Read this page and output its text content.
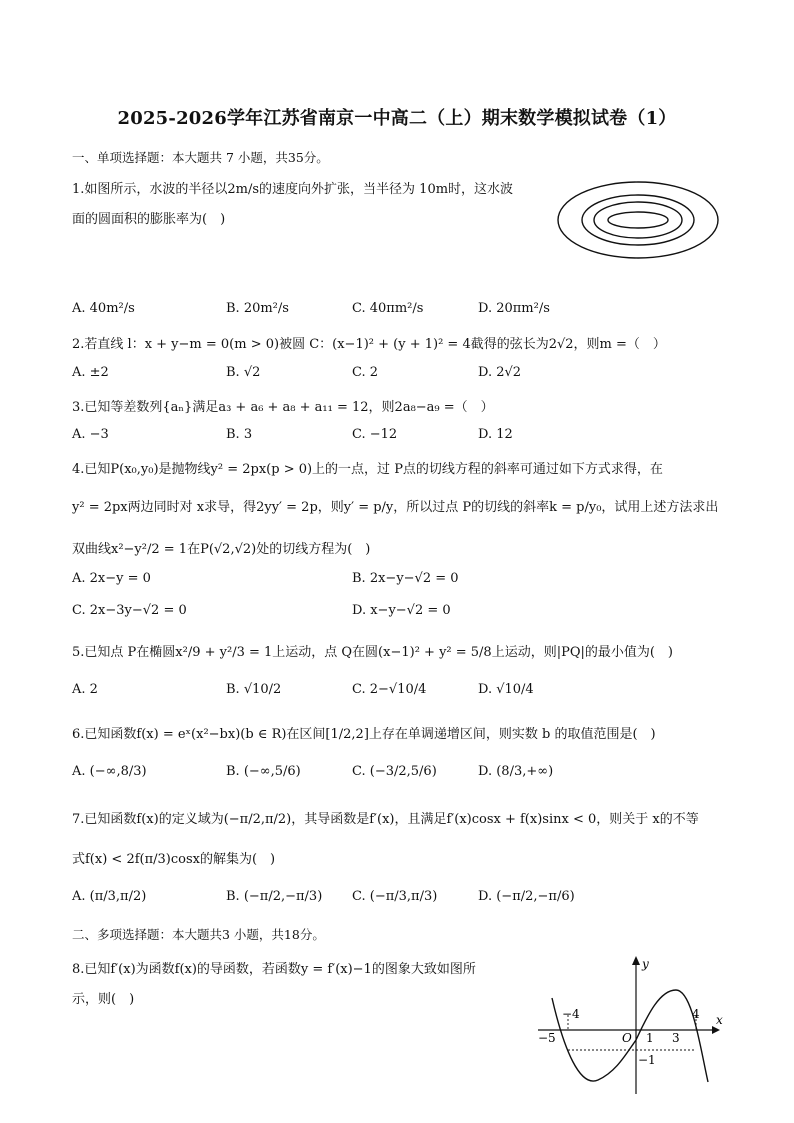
2025-2026学年江苏省南京一中高二（上）期末数学模拟试卷（1）
一、单项选择题：本大题共 7 小题，共35分。
1.如图所示，水波的半径以2m/s的速度向外扩张，当半径为 10m时，这水波
面的圆面积的膨胀率为(　)
A. 40m²/s	B. 20m²/s	C. 40πm²/s	D. 20πm²/s
2.若直线 l：x + y−m = 0(m > 0)被圆 C：(x−1)² + (y + 1)² = 4截得的弦长为2√2，则m =（　）
A. ±2	B. √2	C. 2	D. 2√2
3.已知等差数列{aₙ}满足a₃ + a₆ + a₈ + a₁₁ = 12，则2a₈−a₉ =（　）
A. −3	B. 3	C. −12	D. 12
4.已知P(x₀,y₀)是抛物线y² = 2px(p > 0)上的一点，过 P点的切线方程的斜率可通过如下方式求得，在
y² = 2px两边同时对 x求导，得2yy′ = 2p，则y′ = p/y，所以过点 P的切线的斜率k = p/y₀，试用上述方法求出
双曲线x²−y²/2 = 1在P(√2,√2)处的切线方程为(　)
A. 2x−y = 0	B. 2x−y−√2 = 0
C. 2x−3y−√2 = 0	D. x−y−√2 = 0
5.已知点 P在椭圆x²/9 + y²/3 = 1上运动，点 Q在圆(x−1)² + y² = 5/8上运动，则|PQ|的最小值为(　)
A. 2	B. √10/2	C. 2−√10/4	D. √10/4
6.已知函数f(x) = eˣ(x²−bx)(b ∈ R)在区间[1/2,2]上存在单调递增区间，则实数 b 的取值范围是(　)
A. (−∞,8/3)	B. (−∞,5/6)	C. (−3/2,5/6)	D. (8/3,+∞)
7.已知函数f(x)的定义域为(−π/2,π/2)，其导函数是f′(x)，且满足f′(x)cosx + f(x)sinx < 0，则关于 x的不等
式f(x) < 2f(π/3)cosx的解集为(　)
A. (π/3,π/2)	B. (−π/2,−π/3) C. (−π/3,π/3)	D. (−π/2,−π/6)
二、多项选择题：本大题共3 小题，共18分。
8.已知f′(x)为函数f(x)的导函数，若函数y = f′(x)−1的图象大致如图所
示，则(　)
x
y
O
−5
−4
1 3
4
−1
